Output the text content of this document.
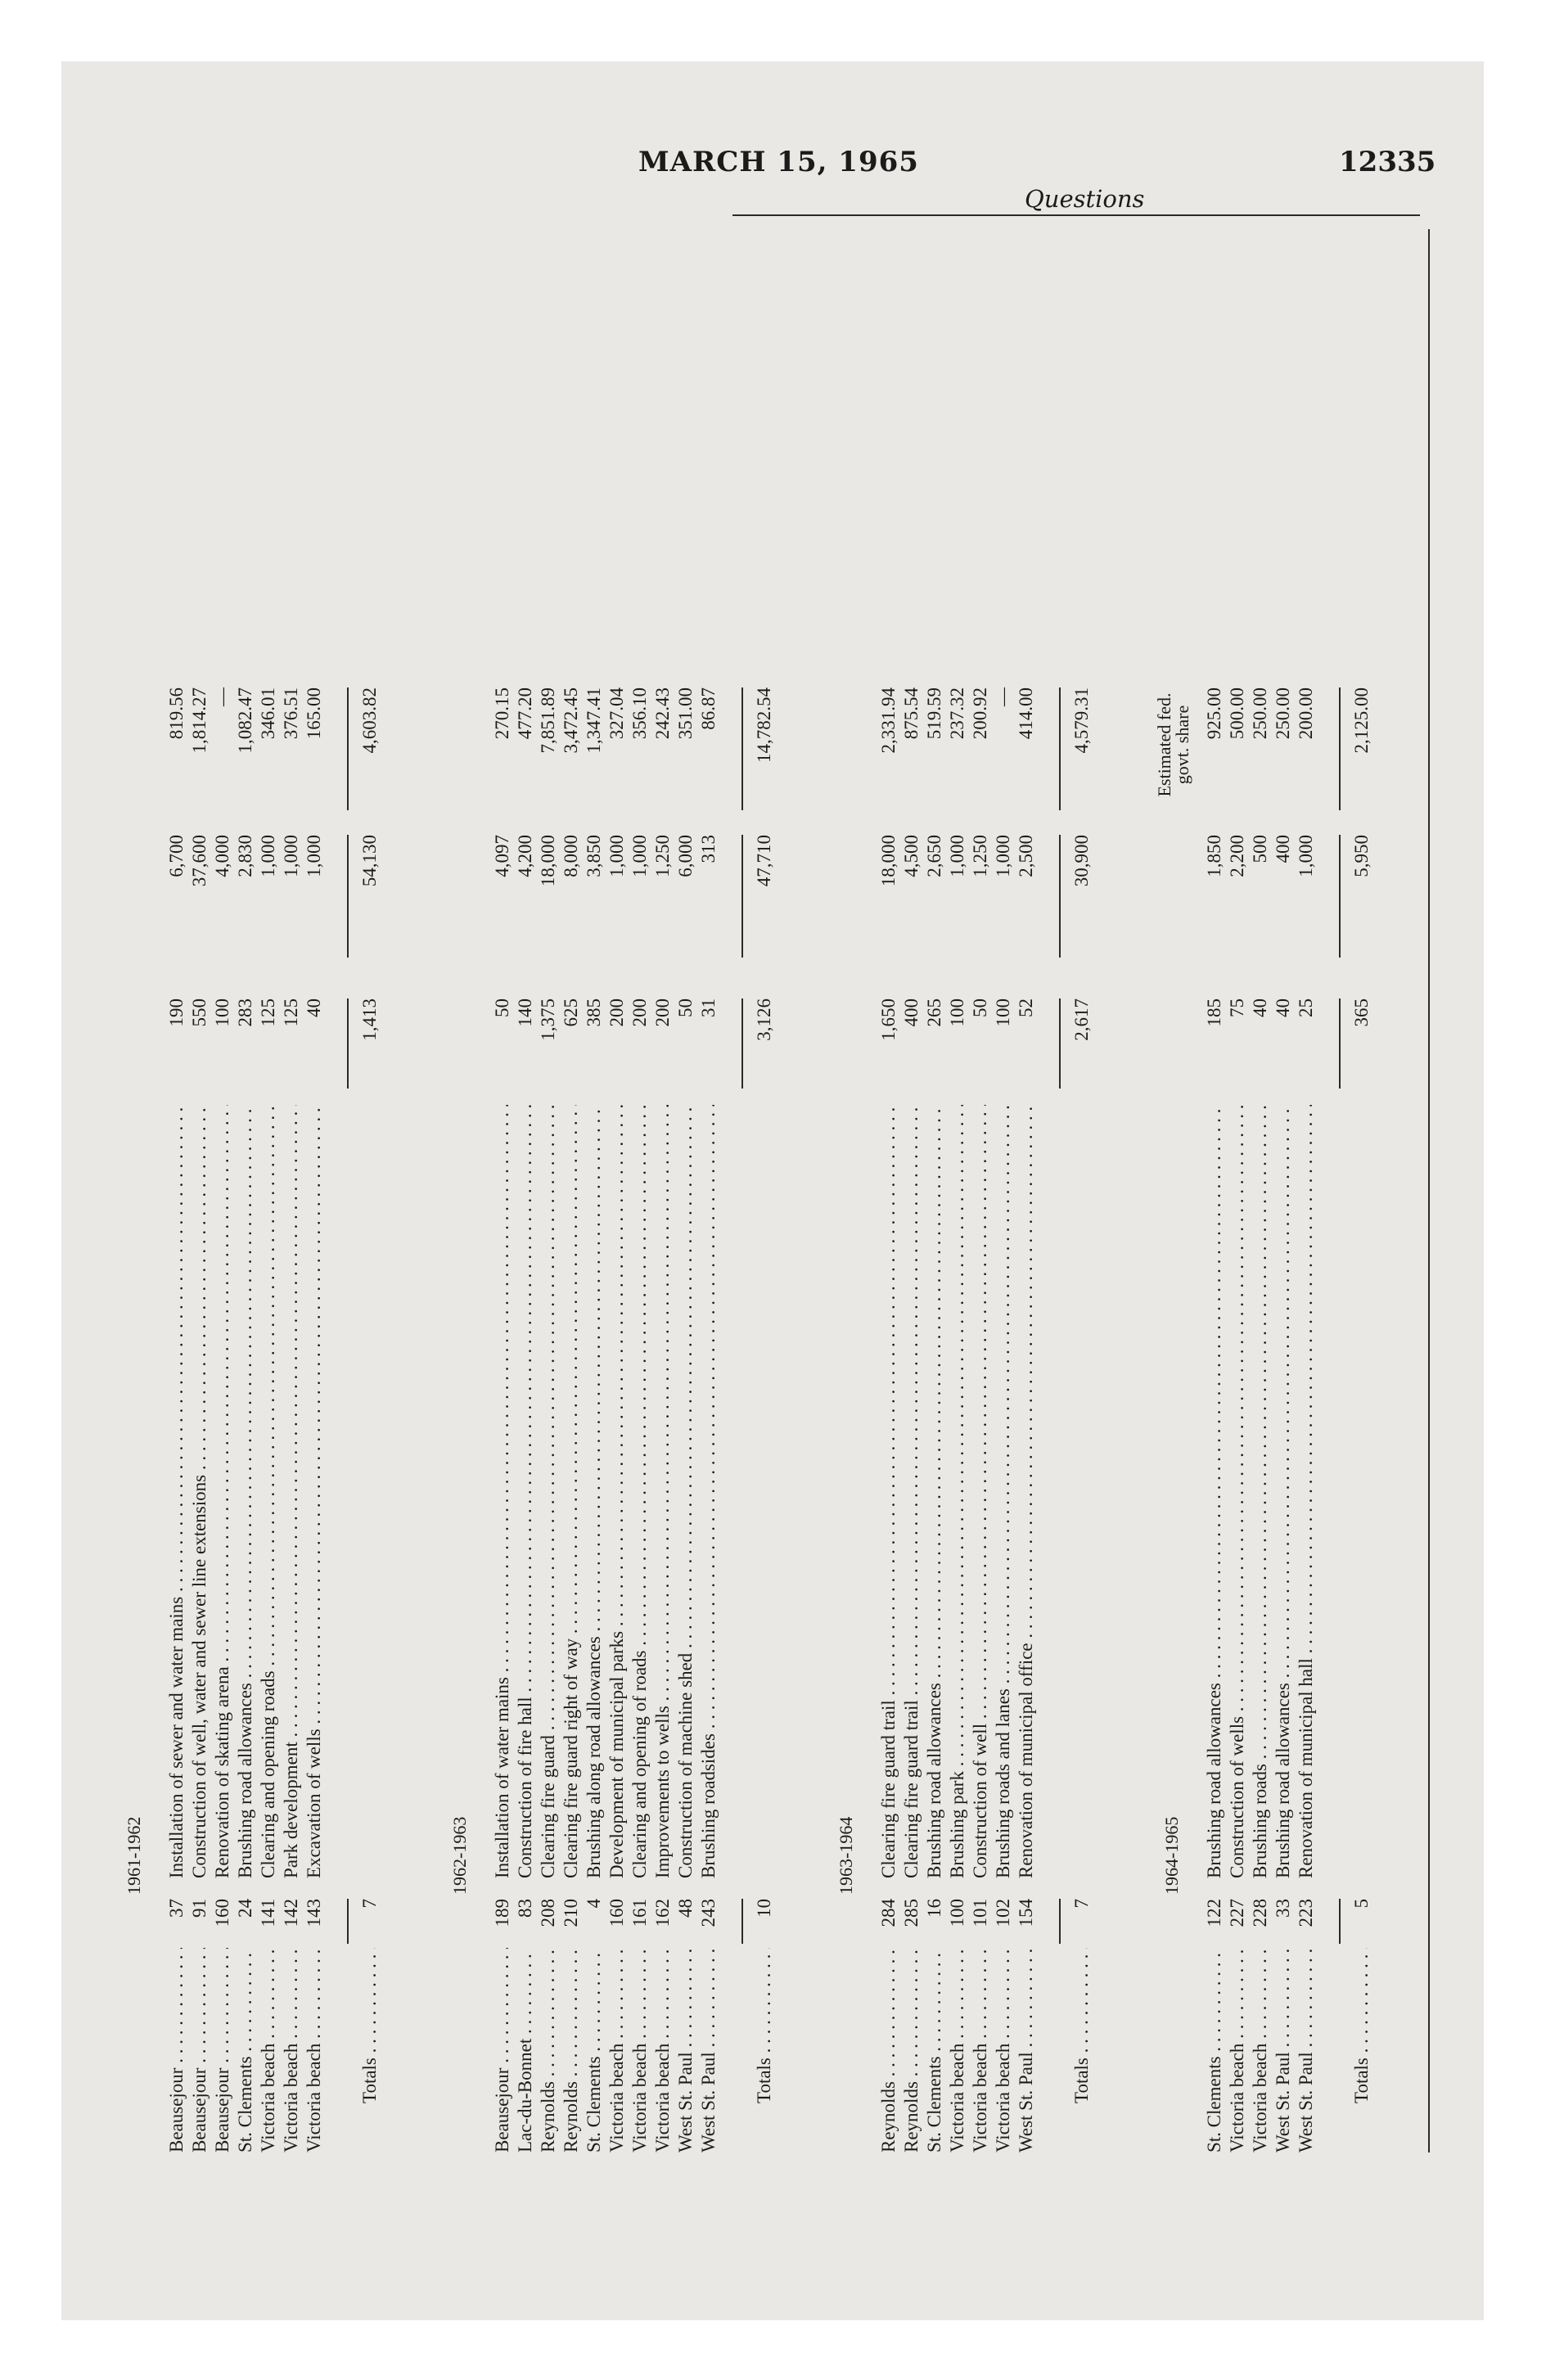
MARCH 15, 1965	12335
Questions
1961-1962
Beausejour . . .
37
Installation of sewer and water mains . . .
190
6,700
819.56
Beausejour . . .
91
Construction of well, water and sewer line extensions . . .
550
37,600
1,814.27
Beausejour . . .
160
Renovation of skating arena . . .
100
4,000
—
St. Clements . . .
24
Brushing road allowances . . .
283
2,830
1,082.47
Victoria beach . . .
141
Clearing and opening roads . . .
125
1,000
346.01
Victoria beach . . .
142
Park development . . .
125
1,000
376.51
Victoria beach . . .
143
Excavation of wells . . .
40
1,000
165.00
Totals . . .
7
1,413
54,130
4,603.82
1962-1963
Beausejour . . .
189
Installation of water mains . . .
50
4,097
270.15
Lac-du-Bonnet . . .
83
Construction of fire hall . . .
140
4,200
477.20
Reynolds . . .
208
Clearing fire guard . . .
1,375
18,000
7,851.89
Reynolds . . .
210
Clearing fire guard right of way . . .
625
8,000
3,472.45
St. Clements . . .
4
Brushing along road allowances . . .
385
3,850
1,347.41
Victoria beach . . .
160
Development of municipal parks . . .
200
1,000
327.04
Victoria beach . . .
161
Clearing and opening of roads . . .
200
1,000
356.10
Victoria beach . . .
162
Improvements to wells . . .
200
1,250
242.43
West St. Paul . . .
48
Construction of machine shed . . .
50
6,000
351.00
West St. Paul . . .
243
Brushing roadsides . . .
31
313
86.87
Totals . . .
10
3,126
47,710
14,782.54
1963-1964
Reynolds . . .
284
Clearing fire guard trail . . .
1,650
18,000
2,331.94
Reynolds . . .
285
Clearing fire guard trail . . .
400
4,500
875.54
St. Clements . . .
16
Brushing road allowances . . .
265
2,650
519.59
Victoria beach . . .
100
Brushing park . . .
100
1,000
237.32
Victoria beach . . .
101
Construction of well . . .
50
1,250
200.92
Victoria beach . . .
102
Brushing roads and lanes . . .
100
1,000
—
West St. Paul . . .
154
Renovation of municipal office . . .
52
2,500
414.00
Totals . . .
7
2,617
30,900
4,579.31
1964-1965
Estimated fed. govt. share
St. Clements . . .
122
Brushing road allowances . . .
185
1,850
925.00
Victoria beach . . .
227
Construction of wells . . .
75
2,200
500.00
Victoria beach . . .
228
Brushing roads . . .
40
500
250.00
West St. Paul . . .
33
Brushing road allowances . . .
40
400
250.00
West St. Paul . . .
223
Renovation of municipal hall . . .
25
1,000
200.00
Totals . . .
5
365
5,950
2,125.00
